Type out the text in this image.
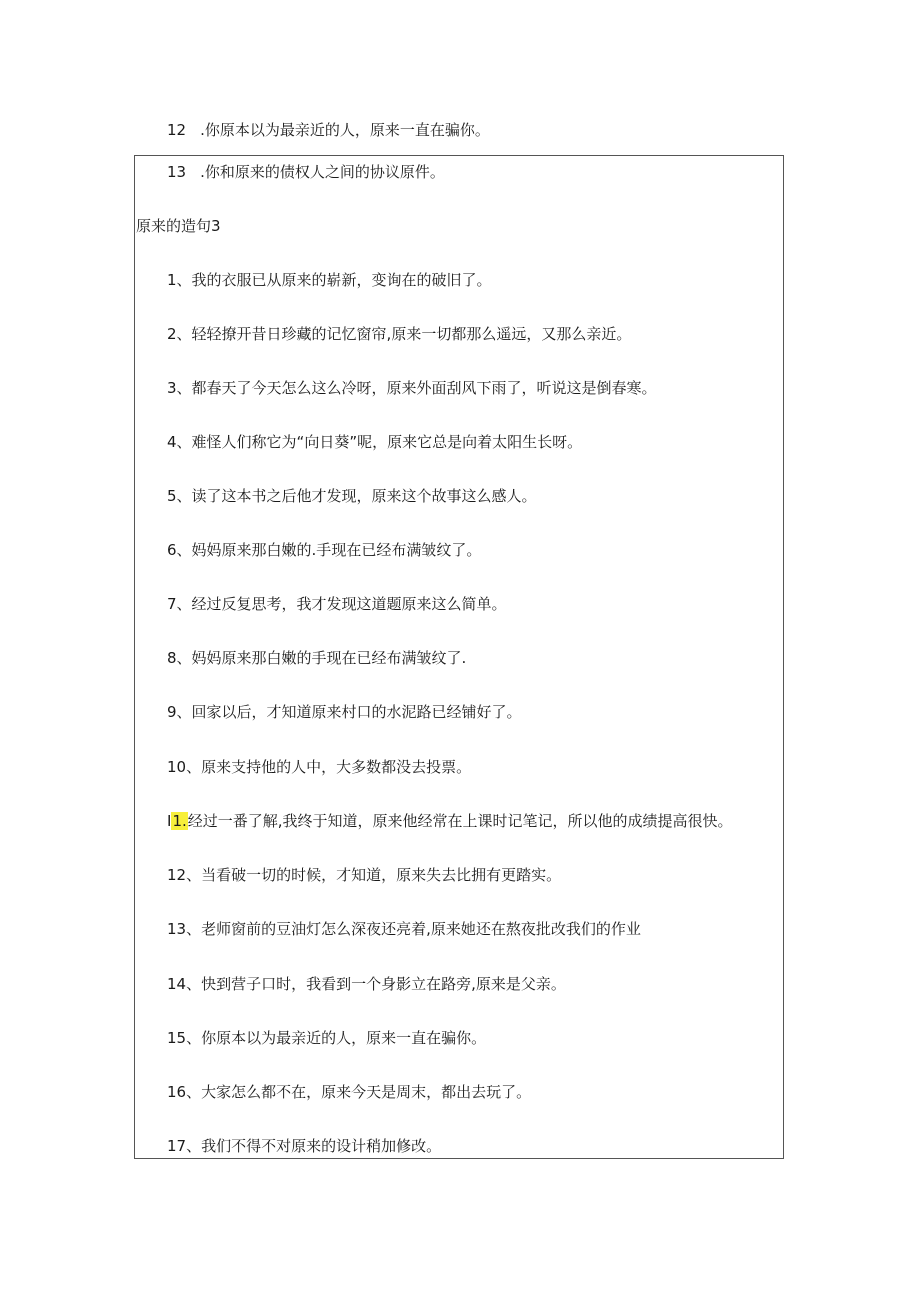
12 .你原本以为最亲近的人，原来一直在骗你。
13 .你和原来的债权人之间的协议原件。
原来的造句3
1、我的衣服已从原来的崭新，变询在的破旧了。
2、轻轻撩开昔日珍藏的记忆窗帘,原来一切都那么遥远，又那么亲近。
3、都春天了今天怎么这么冷呀，原来外面刮风下雨了，听说这是倒春寒。
4、难怪人们称它为“向日葵”呢，原来它总是向着太阳生长呀。
5、读了这本书之后他才发现，原来这个故事这么感人。
6、妈妈原来那白嫩的.手现在已经布满皱纹了。
7、经过反复思考，我才发现这道题原来这么简单。
8、妈妈原来那白嫩的手现在已经布满皱纹了.
9、回家以后，才知道原来村口的水泥路已经铺好了。
10、原来支持他的人中，大多数都没去投票。
I1.经过一番了解,我终于知道，原来他经常在上课时记笔记，所以他的成绩提高很快。
12、当看破一切的时候，才知道，原来失去比拥有更踏实。
13、老师窗前的豆油灯怎么深夜还亮着,原来她还在熬夜批改我们的作业
14、快到营子口时，我看到一个身影立在路旁,原来是父亲。
15、你原本以为最亲近的人，原来一直在骗你。
16、大家怎么都不在，原来今天是周末，都出去玩了。
17、我们不得不对原来的设计稍加修改。
